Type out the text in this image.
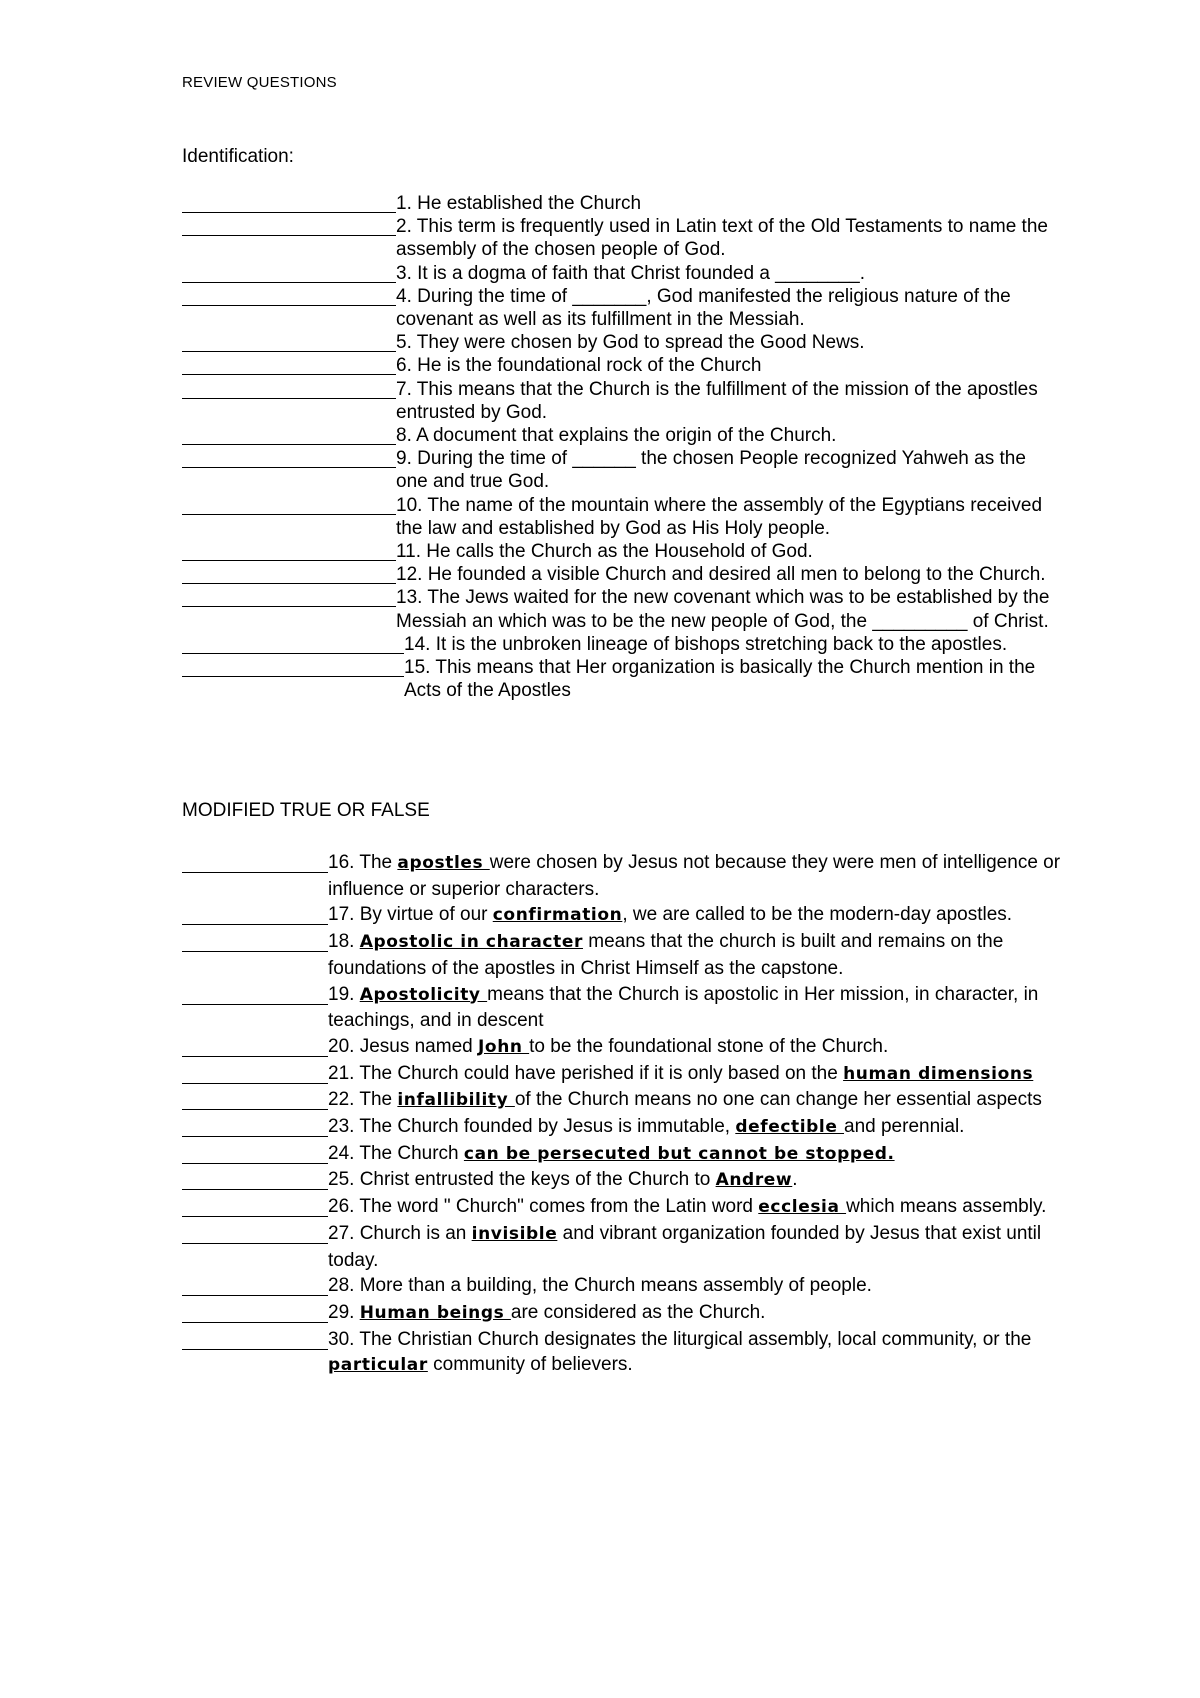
REVIEW QUESTIONS
Identification:
1. He established the Church
2. This term is frequently used in Latin text of the Old Testaments to name the assembly of the chosen people of God.
3. It is a dogma of faith that Christ founded a ________.
4. During the time of _______, God manifested the religious nature of the covenant as well as its fulfillment in the Messiah.
5. They were chosen by God to spread the Good News.
6. He is the foundational rock of the Church
7. This means that the Church is the fulfillment of the mission of the apostles entrusted by God.
8. A document that explains the origin of the Church.
9. During the time of ______ the chosen People recognized Yahweh as the one and true God.
10. The name of the mountain where the assembly of the Egyptians received the law and established by God as His Holy people.
11. He calls the Church as the Household of God.
12. He founded a visible Church and desired all men to belong to the Church.
13. The Jews waited for the new covenant which was to be established by the Messiah an which was to be the new people of God, the _________ of Christ.
14. It is the unbroken lineage of bishops stretching back to the apostles.
15. This means that Her organization is basically the Church mention in the Acts of the Apostles
MODIFIED TRUE OR FALSE
16. The apostles were chosen by Jesus not because they were men of intelligence or influence or superior characters.
17. By virtue of our confirmation, we are called to be the modern-day apostles.
18. Apostolic in character means that the church is built and remains on the foundations of the apostles in Christ Himself as the capstone.
19. Apostolicity means that the Church is apostolic in Her mission, in character, in teachings, and in descent
20. Jesus named John to be the foundational stone of the Church.
21. The Church could have perished if it is only based on the human dimensions
22. The infallibility of the Church means no one can change her essential aspects
23. The Church founded by Jesus is immutable, defectible and perennial.
24. The Church can be persecuted but cannot be stopped.
25. Christ entrusted the keys of the Church to Andrew.
26. The word " Church" comes from the Latin word ecclesia which means assembly.
27. Church is an invisible and vibrant organization founded by Jesus that exist until today.
28. More than a building, the Church means assembly of people.
29. Human beings are considered as the Church.
30. The Christian Church designates the liturgical assembly, local community, or the particular community of believers.
